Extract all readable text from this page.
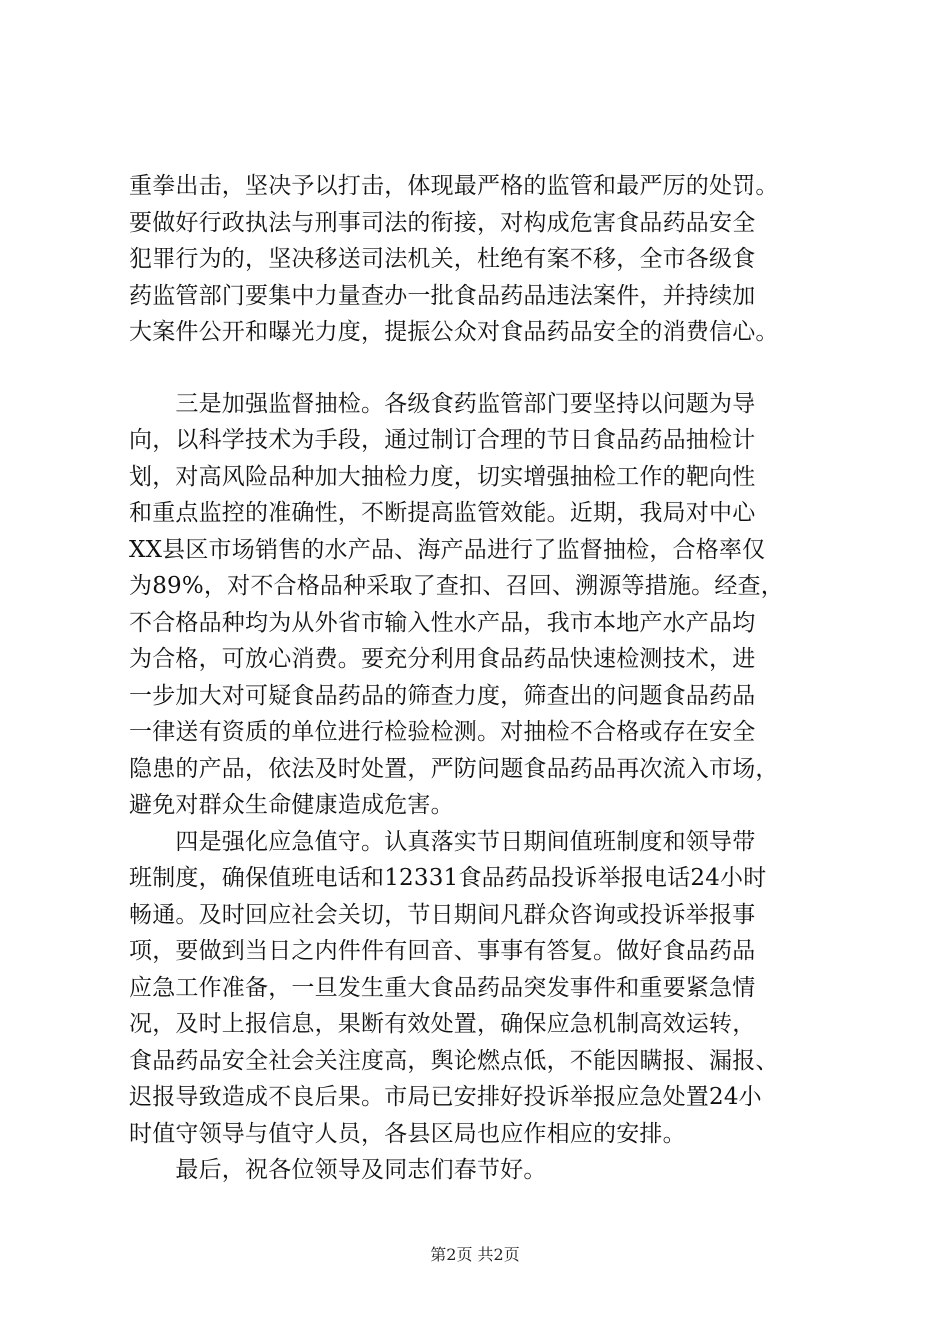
重拳出击，坚决予以打击，体现最严格的监管和最严厉的处罚。
要做好行政执法与刑事司法的衔接，对构成危害食品药品安全
犯罪行为的，坚决移送司法机关，杜绝有案不移，全市各级食
药监管部门要集中力量查办一批食品药品违法案件，并持续加
大案件公开和曝光力度，提振公众对食品药品安全的消费信心。
　　三是加强监督抽检。各级食药监管部门要坚持以问题为导
向，以科学技术为手段，通过制订合理的节日食品药品抽检计
划，对高风险品种加大抽检力度，切实增强抽检工作的靶向性
和重点监控的准确性，不断提高监管效能。近期，我局对中心
XX县区市场销售的水产品、海产品进行了监督抽检，合格率仅
为89%，对不合格品种采取了查扣、召回、溯源等措施。经查，
不合格品种均为从外省市输入性水产品，我市本地产水产品均
为合格，可放心消费。要充分利用食品药品快速检测技术，进
一步加大对可疑食品药品的筛查力度，筛查出的问题食品药品
一律送有资质的单位进行检验检测。对抽检不合格或存在安全
隐患的产品，依法及时处置，严防问题食品药品再次流入市场，
避免对群众生命健康造成危害。
　　四是强化应急值守。认真落实节日期间值班制度和领导带
班制度，确保值班电话和12331食品药品投诉举报电话24小时
畅通。及时回应社会关切，节日期间凡群众咨询或投诉举报事
项，要做到当日之内件件有回音、事事有答复。做好食品药品
应急工作准备，一旦发生重大食品药品突发事件和重要紧急情
况，及时上报信息，果断有效处置，确保应急机制高效运转，
食品药品安全社会关注度高，舆论燃点低，不能因瞒报、漏报、
迟报导致造成不良后果。市局已安排好投诉举报应急处置24小
时值守领导与值守人员，各县区局也应作相应的安排。
　　最后，祝各位领导及同志们春节好。
第2页 共2页
